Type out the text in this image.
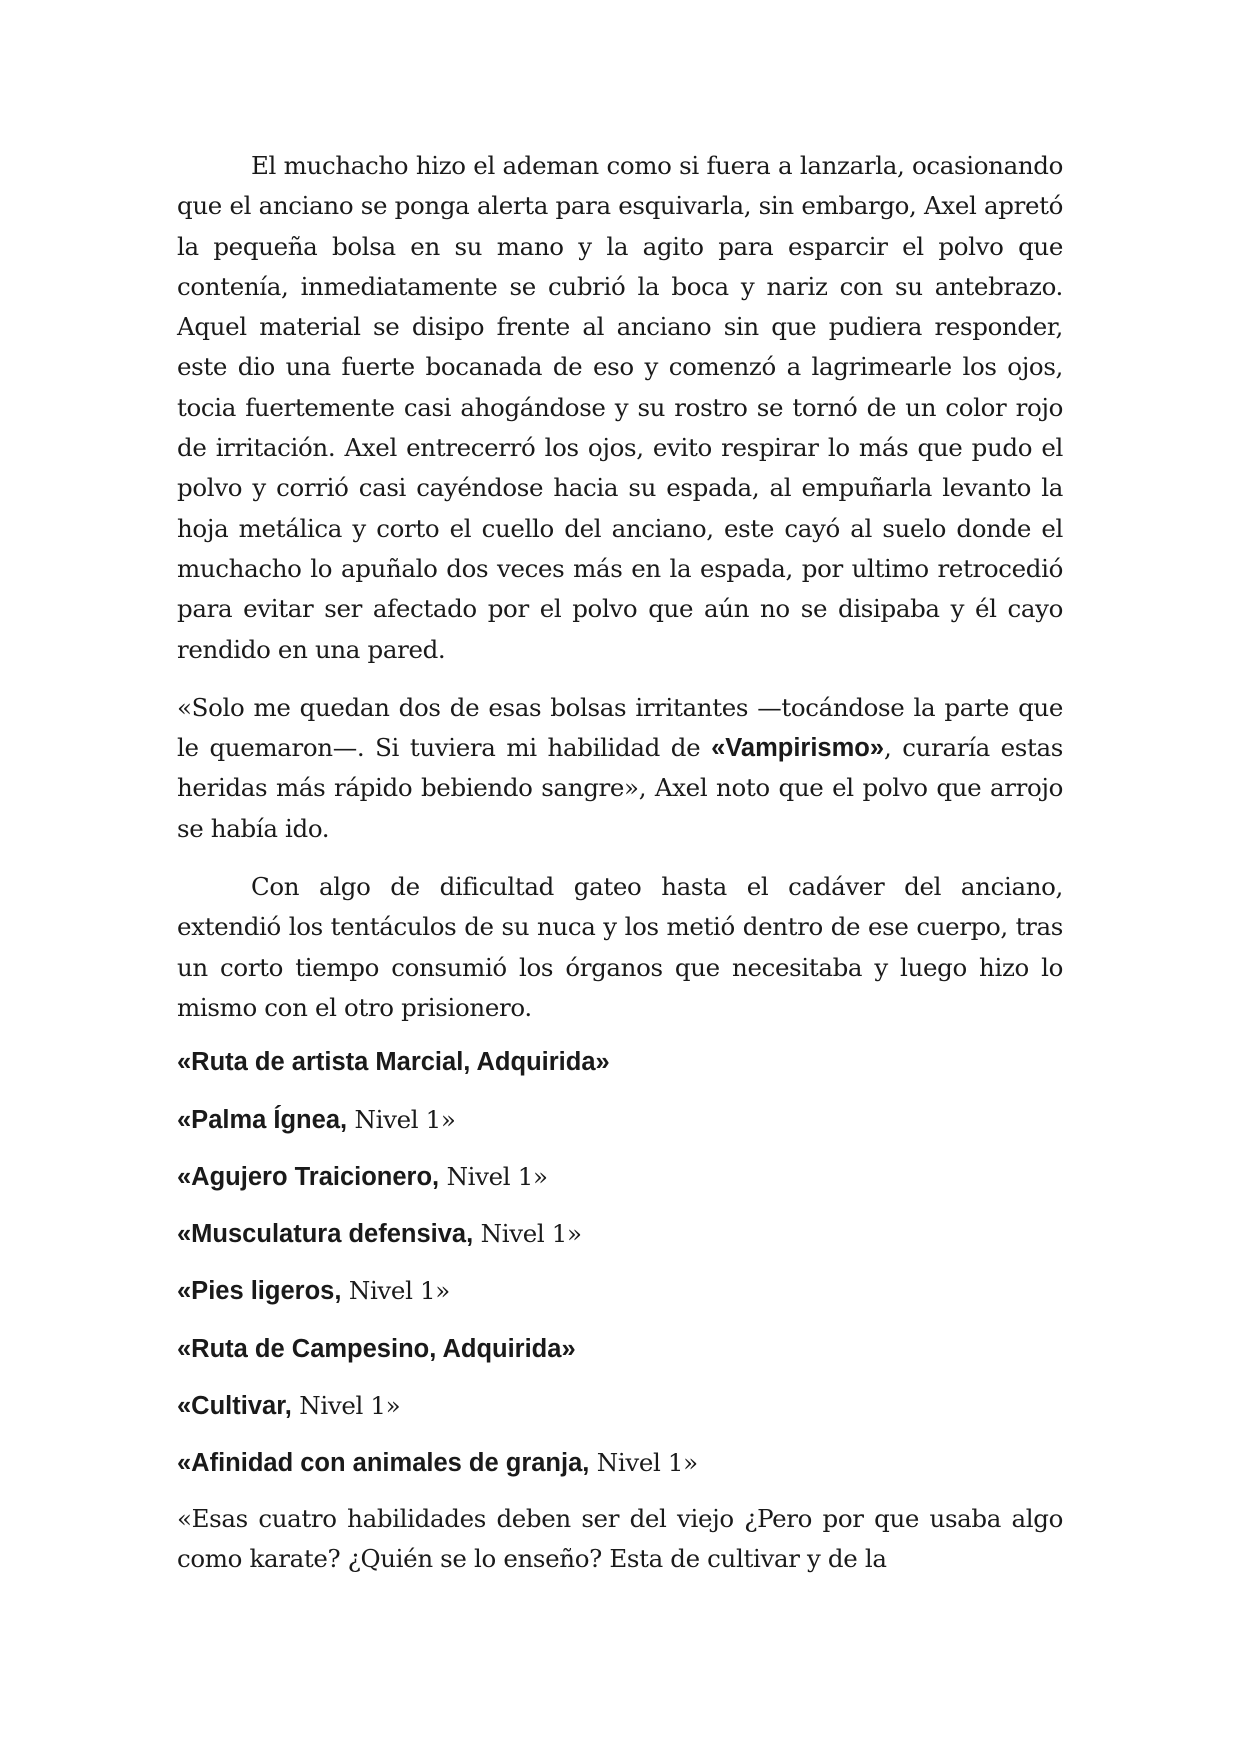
El muchacho hizo el ademan como si fuera a lanzarla, ocasionando que el anciano se ponga alerta para esquivarla, sin embargo, Axel apretó la pequeña bolsa en su mano y la agito para esparcir el polvo que contenía, inmediatamente se cubrió la boca y nariz con su antebrazo. Aquel material se disipo frente al anciano sin que pudiera responder, este dio una fuerte bocanada de eso y comenzó a lagrimearle los ojos, tocia fuertemente casi ahogándose y su rostro se tornó de un color rojo de irritación. Axel entrecerró los ojos, evito respirar lo más que pudo el polvo y corrió casi cayéndose hacia su espada, al empuñarla levanto la hoja metálica y corto el cuello del anciano, este cayó al suelo donde el muchacho lo apuñalo dos veces más en la espada, por ultimo retrocedió para evitar ser afectado por el polvo que aún no se disipaba y él cayo rendido en una pared.

«Solo me quedan dos de esas bolsas irritantes —tocándose la parte que le quemaron—. Si tuviera mi habilidad de «Vampirismo», curaría estas heridas más rápido bebiendo sangre», Axel noto que el polvo que arrojo se había ido.

Con algo de dificultad gateo hasta el cadáver del anciano, extendió los tentáculos de su nuca y los metió dentro de ese cuerpo, tras un corto tiempo consumió los órganos que necesitaba y luego hizo lo mismo con el otro prisionero.

«Ruta de artista Marcial, Adquirida»

«Palma Ígnea, Nivel 1»

«Agujero Traicionero, Nivel 1»

«Musculatura defensiva, Nivel 1»

«Pies ligeros, Nivel 1»

«Ruta de Campesino, Adquirida»

«Cultivar, Nivel 1»

«Afinidad con animales de granja, Nivel 1»

«Esas cuatro habilidades deben ser del viejo ¿Pero por que usaba algo como karate? ¿Quién se lo enseño? Esta de cultivar y de la
